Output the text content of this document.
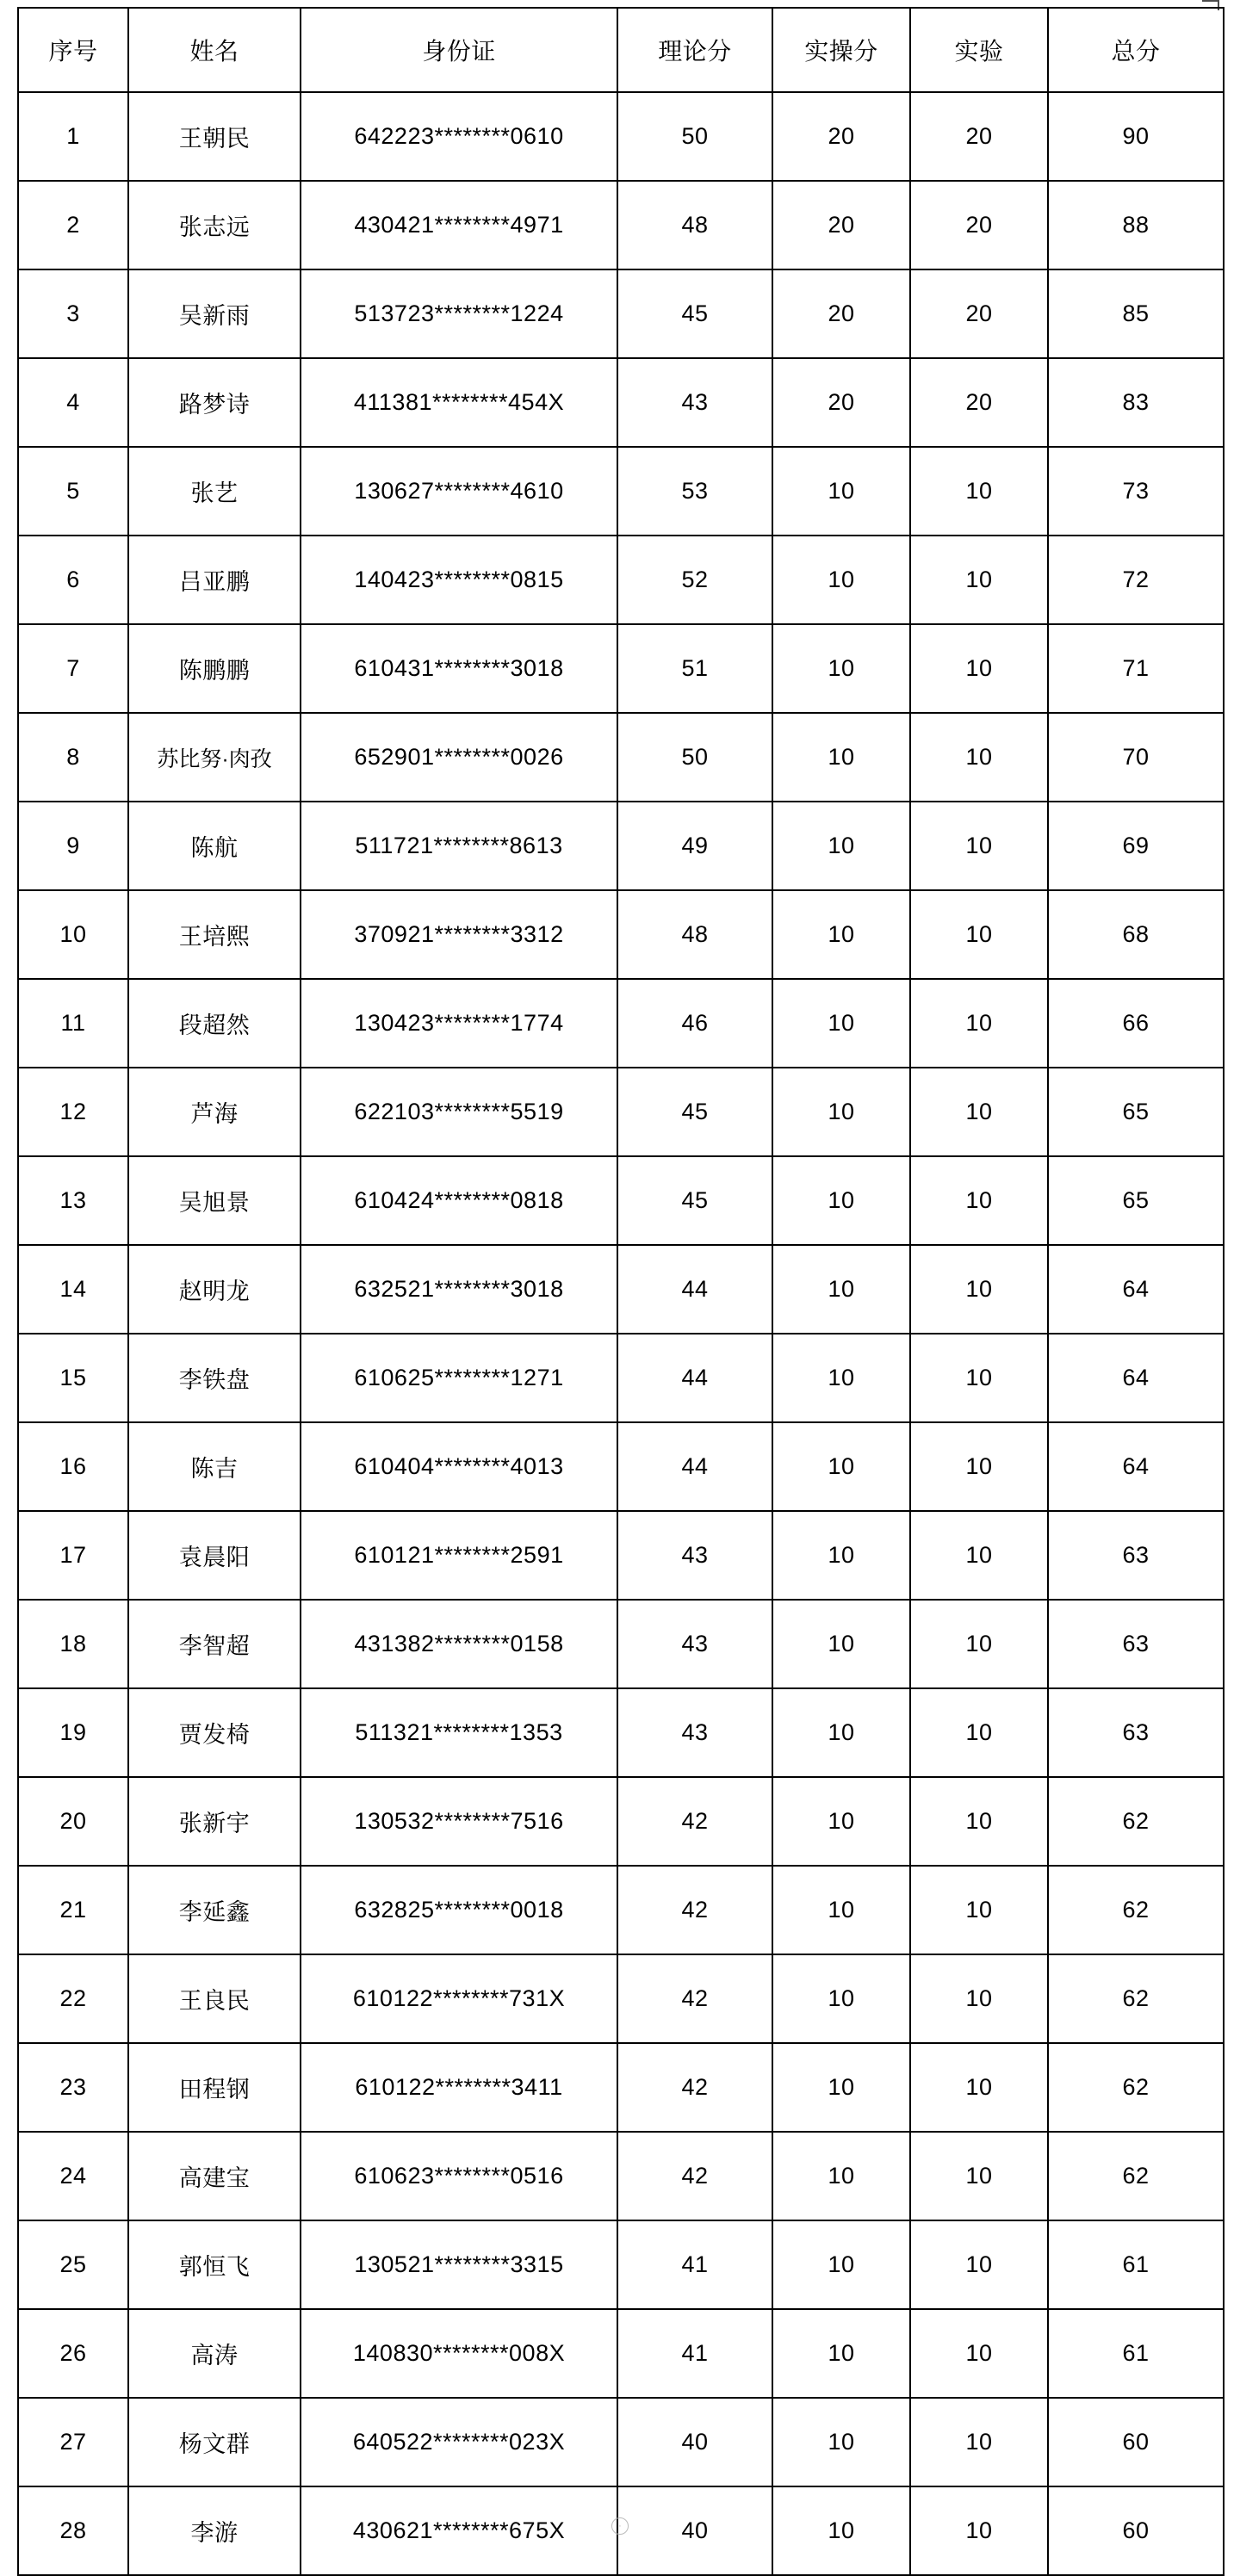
序号	姓名	身份证	理论分	实操分	实验	总分
1	王朝民	642223********0610	50	20	20	90
2	张志远	430421********4971	48	20	20	88
3	吴新雨	513723********1224	45	20	20	85
4	路梦诗	411381********454X	43	20	20	83
5	张艺	130627********4610	53	10	10	73
6	吕亚鹏	140423********0815	52	10	10	72
7	陈鹏鹏	610431********3018	51	10	10	71
8	苏比努·肉孜	652901********0026	50	10	10	70
9	陈航	511721********8613	49	10	10	69
10	王培熙	370921********3312	48	10	10	68
11	段超然	130423********1774	46	10	10	66
12	芦海	622103********5519	45	10	10	65
13	吴旭景	610424********0818	45	10	10	65
14	赵明龙	632521********3018	44	10	10	64
15	李铁盘	610625********1271	44	10	10	64
16	陈吉	610404********4013	44	10	10	64
17	袁晨阳	610121********2591	43	10	10	63
18	李智超	431382********0158	43	10	10	63
19	贾发椅	511321********1353	43	10	10	63
20	张新宇	130532********7516	42	10	10	62
21	李延鑫	632825********0018	42	10	10	62
22	王良民	610122********731X	42	10	10	62
23	田程钢	610122********3411	42	10	10	62
24	高建宝	610623********0516	42	10	10	62
25	郭恒飞	130521********3315	41	10	10	61
26	高涛	140830********008X	41	10	10	61
27	杨文群	640522********023X	40	10	10	60
28	李游	430621********675X	40	10	10	60
·
